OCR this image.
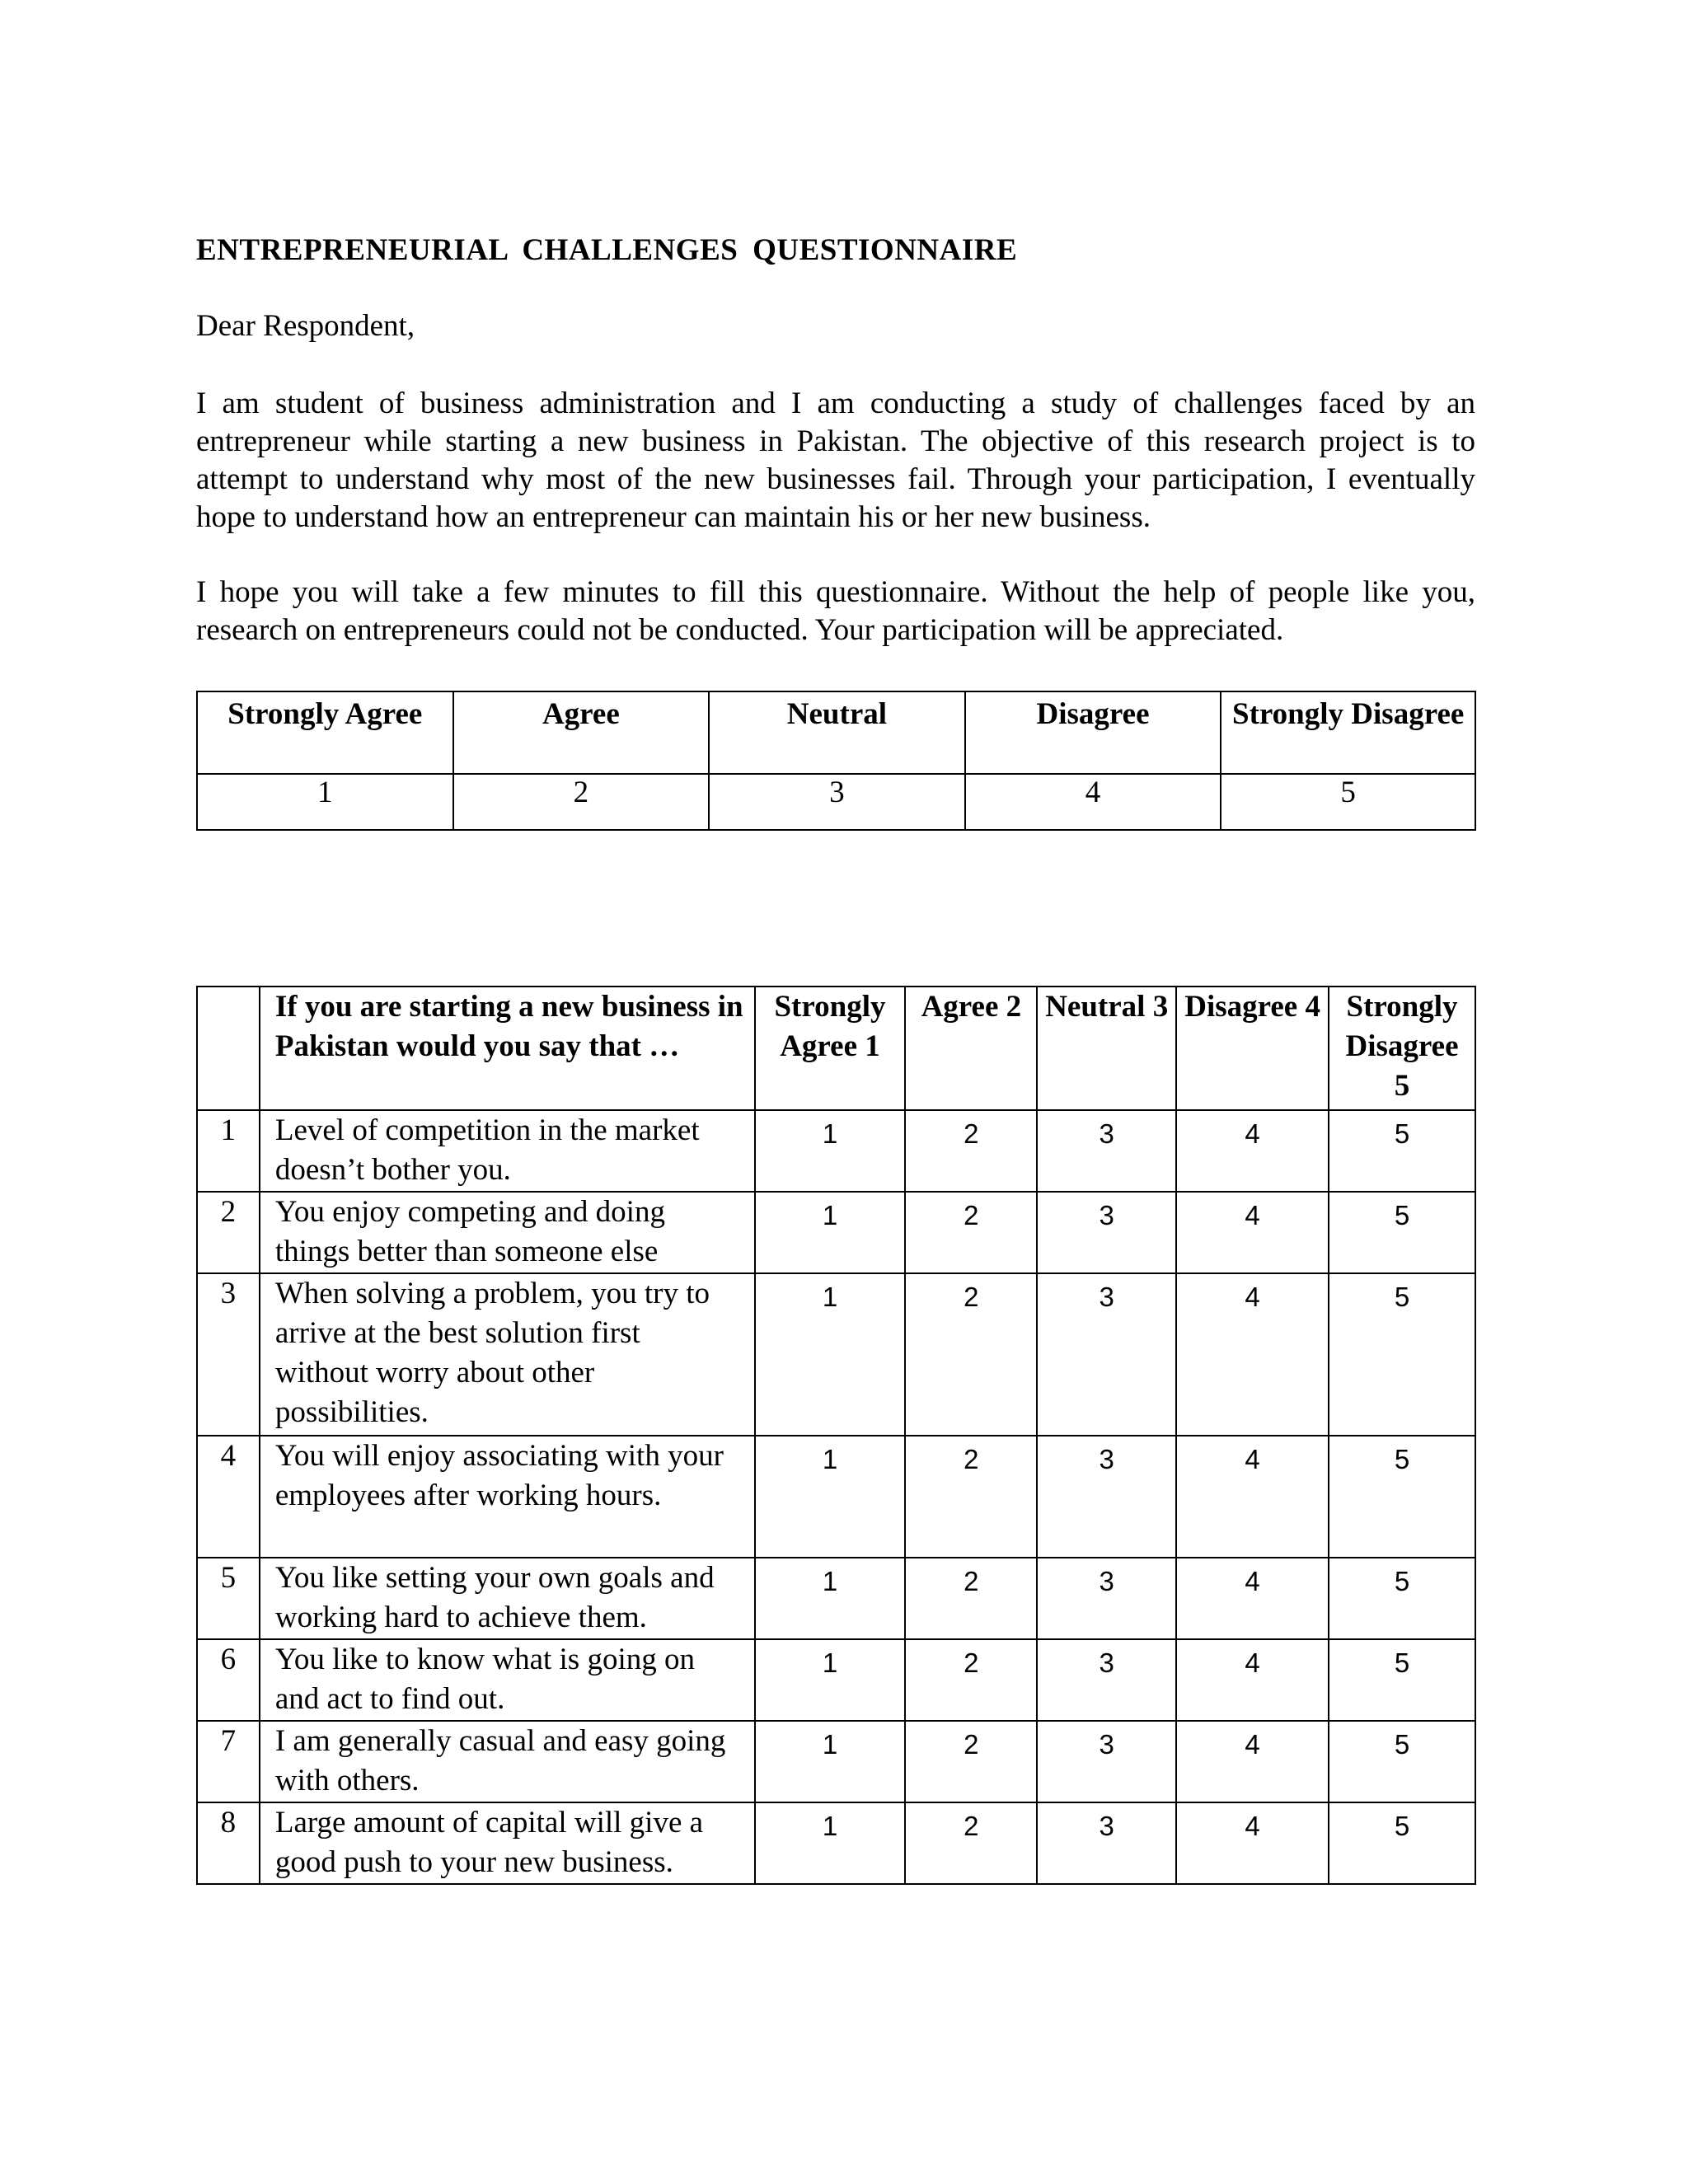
ENTREPRENEURIAL CHALLENGES QUESTIONNAIRE

Dear Respondent,

I am student of business administration and I am conducting a study of challenges faced by an entrepreneur while starting a new business in Pakistan. The objective of this research project is to attempt to understand why most of the new businesses fail. Through your participation, I eventually hope to understand how an entrepreneur can maintain his or her new business.

I hope you will take a few minutes to fill this questionnaire. Without the help of people like you, research on entrepreneurs could not be conducted. Your participation will be appreciated.

Strongly Agree	Agree	Neutral	Disagree	Strongly Disagree
1	2	3	4	5
	If you are starting a new business in Pakistan would you say that …	Strongly Agree 1	Agree 2	Neutral 3	Disagree 4	Strongly Disagree 5
1	Level of competition in the market doesn’t bother you.	1	2	3	4	5
2	You enjoy competing and doing things better than someone else	1	2	3	4	5
3	When solving a problem, you try to arrive at the best solution first without worry about other possibilities.	1	2	3	4	5
4	You will enjoy associating with your employees after working hours.	1	2	3	4	5
5	You like setting your own goals and working hard to achieve them.	1	2	3	4	5
6	You like to know what is going on and act to find out.	1	2	3	4	5
7	I am generally casual and easy going with others.	1	2	3	4	5
8	Large amount of capital will give a good push to your new business.	1	2	3	4	5
